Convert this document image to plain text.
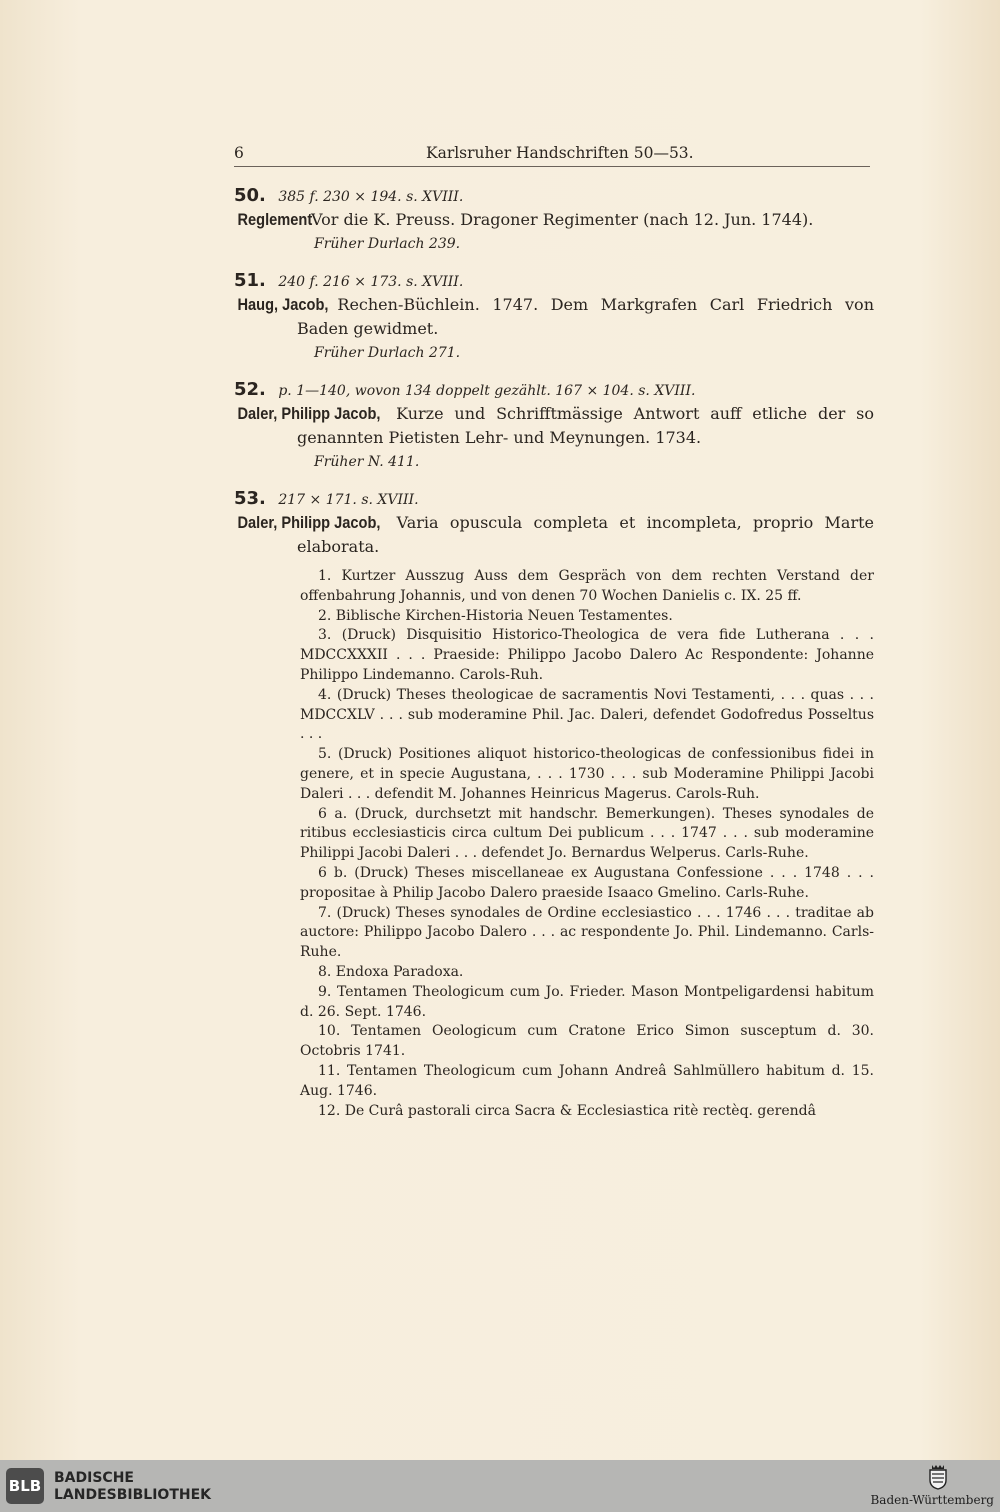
6	Karlsruher Handschriften 50—53.
50. 385 f. 230 × 194. s. XVIII.
Reglement Vor die K. Preuss. Dragoner Regimenter (nach 12. Jun. 1744).
Früher Durlach 239.
51. 240 f. 216 × 173. s. XVIII.
Haug, Jacob, Rechen-Büchlein. 1747. Dem Markgrafen Carl Friedrich von Baden gewidmet.
Früher Durlach 271.
52. p. 1—140, wovon 134 doppelt gezählt. 167 × 104. s. XVIII.
Daler, Philipp Jacob, Kurze und Schrifftmässige Antwort auff etliche der so genannten Pietisten Lehr- und Meynungen. 1734.
Früher N. 411.
53. 217 × 171. s. XVIII.
Daler, Philipp Jacob, Varia opuscula completa et incompleta, proprio Marte elaborata.
1. Kurtzer Ausszug Auss dem Gespräch von dem rechten Verstand der offenbahrung Johannis, und von denen 70 Wochen Danielis c. IX. 25 ff.
2. Biblische Kirchen-Historia Neuen Testamentes.
3. (Druck) Disquisitio Historico-Theologica de vera fide Lutherana . . . MDCCXXXII . . . Praeside: Philippo Jacobo Dalero Ac Respondente: Johanne Philippo Lindemanno. Carols-Ruh.
4. (Druck) Theses theologicae de sacramentis Novi Testamenti, . . . quas . . . MDCCXLV . . . sub moderamine Phil. Jac. Daleri, defendet Godofredus Posseltus . . .
5. (Druck) Positiones aliquot historico-theologicas de confessionibus fidei in genere, et in specie Augustana, . . . 1730 . . . sub Moderamine Philippi Jacobi Daleri . . . defendit M. Johannes Heinricus Magerus. Carols-Ruh.
6 a. (Druck, durchsetzt mit handschr. Bemerkungen). Theses synodales de ritibus ecclesiasticis circa cultum Dei publicum . . . 1747 . . . sub moderamine Philippi Jacobi Daleri . . . defendet Jo. Bernardus Welperus. Carls-Ruhe.
6 b. (Druck) Theses miscellaneae ex Augustana Confessione . . . 1748 . . . propositae à Philip Jacobo Dalero praeside Isaaco Gmelino. Carls-Ruhe.
7. (Druck) Theses synodales de Ordine ecclesiastico . . . 1746 . . . traditae ab auctore: Philippo Jacobo Dalero . . . ac respondente Jo. Phil. Lindemanno. Carls-Ruhe.
8. Endoxa Paradoxa.
9. Tentamen Theologicum cum Jo. Frieder. Mason Montpeligardensi habitum d. 26. Sept. 1746.
10. Tentamen Oeologicum cum Cratone Erico Simon susceptum d. 30. Octobris 1741.
11. Tentamen Theologicum cum Johann Andreâ Sahlmüllero habitum d. 15. Aug. 1746.
12. De Curâ pastorali circa Sacra & Ecclesiastica ritè rectèq. gerendâ
BLB BADISCHE
LANDESBIBLIOTHEK	Baden-Württemberg
